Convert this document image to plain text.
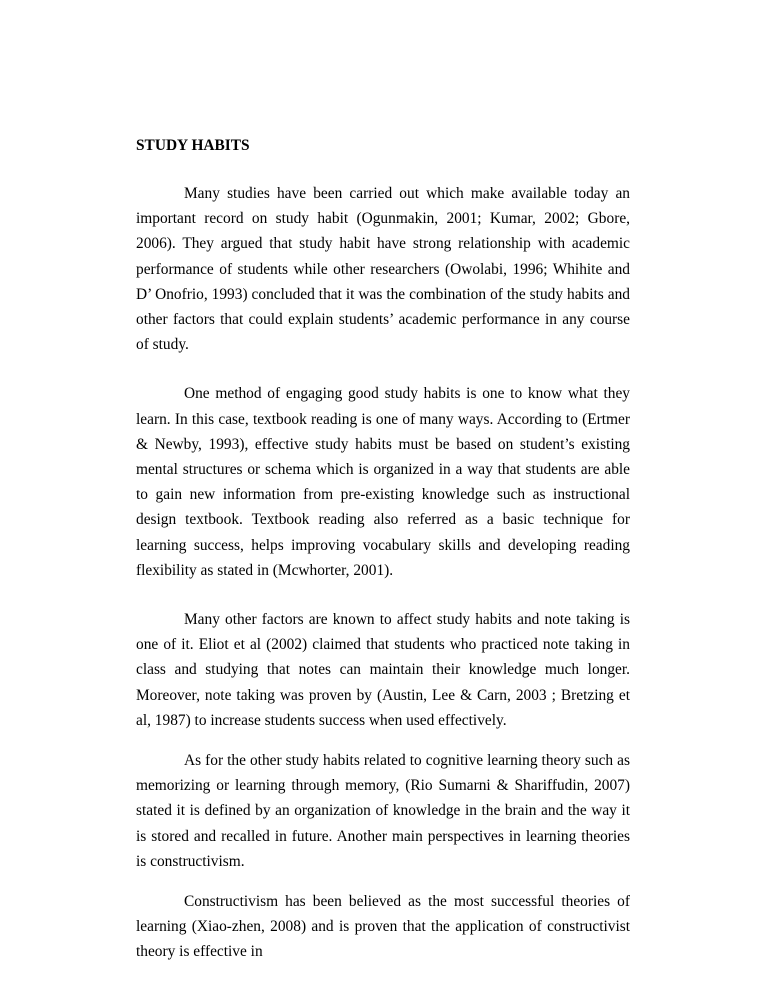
STUDY HABITS

Many studies have been carried out which make available today an important record on study habit (Ogunmakin, 2001; Kumar, 2002; Gbore, 2006). They argued that study habit have strong relationship with academic performance of students while other researchers (Owolabi, 1996; Whihite and D’ Onofrio, 1993) concluded that it was the combination of the study habits and other factors that could explain students’ academic performance in any course of study.

One method of engaging good study habits is one to know what they learn. In this case, textbook reading is one of many ways. According to (Ertmer & Newby, 1993), effective study habits must be based on student’s existing mental structures or schema which is organized in a way that students are able to gain new information from pre-existing knowledge such as instructional design textbook. Textbook reading also referred as a basic technique for learning success, helps improving vocabulary skills and developing reading flexibility as stated in (Mcwhorter, 2001).

Many other factors are known to affect study habits and note taking is one of it. Eliot et al (2002) claimed that students who practiced note taking in class and studying that notes can maintain their knowledge much longer. Moreover, note taking was proven by (Austin, Lee & Carn, 2003 ; Bretzing et al, 1987) to increase students success when used effectively.

As for the other study habits related to cognitive learning theory such as memorizing or learning through memory, (Rio Sumarni & Shariffudin, 2007) stated it is defined by an organization of knowledge in the brain and the way it is stored and recalled in future. Another main perspectives in learning theories is constructivism.

Constructivism has been believed as the most successful theories of learning (Xiao-zhen, 2008) and is proven that the application of constructivist theory is effective in
